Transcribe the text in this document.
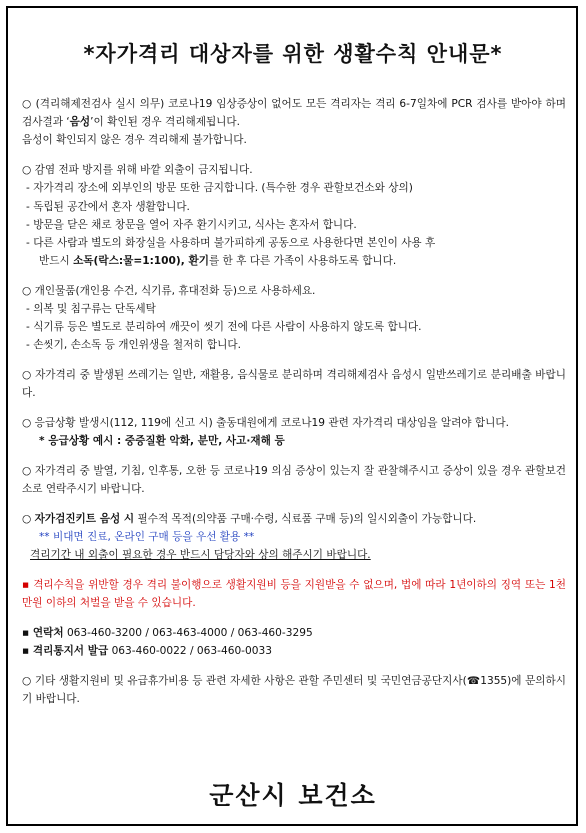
*자가격리 대상자를 위한 생활수칙 안내문*
○ (격리해제전검사 실시 의무) 코로나19 임상증상이 없어도 모든 격리자는 격리 6-7일차에 PCR 검사를 받아야 하며 검사결과 ‘음성’이 확인된 경우 격리해제됩니다.
음성이 확인되지 않은 경우 격리해제 불가합니다.
○ 감염 전파 방지를 위해 바깥 외출이 금지됩니다.
- 자가격리 장소에 외부인의 방문 또한 금지합니다. (특수한 경우 관할보건소와 상의)
- 독립된 공간에서 혼자 생활합니다.
- 방문을 닫은 채로 창문을 열어 자주 환기시키고, 식사는 혼자서 합니다.
- 다른 사람과 별도의 화장실을 사용하며 불가피하게 공동으로 사용한다면 본인이 사용 후
반드시 소독(락스:물=1:100), 환기를 한 후 다른 가족이 사용하도록 합니다.
○ 개인물품(개인용 수건, 식기류, 휴대전화 등)으로 사용하세요.
- 의복 및 침구류는 단독세탁
- 식기류 등은 별도로 분리하여 깨끗이 씻기 전에 다른 사람이 사용하지 않도록 합니다.
- 손씻기, 손소독 등 개인위생을 철저히 합니다.
○ 자가격리 중 발생된 쓰레기는 일반, 재활용, 음식물로 분리하며 격리해제검사 음성시 일반쓰레기로 분리배출 바랍니다.
○ 응급상황 발생시(112, 119에 신고 시) 출동대원에게 코로나19 관련 자가격리 대상임을 알려야 합니다.
* 응급상황 예시 : 중증질환 악화, 분만, 사고·재해 등
○ 자가격리 중 발열, 기침, 인후통, 오한 등 코로나19 의심 증상이 있는지 잘 관찰해주시고 증상이 있을 경우 관할보건소로 연락주시기 바랍니다.
○ 자가검진키트 음성 시 필수적 목적(의약품 구매·수령, 식료품 구매 등)의 일시외출이 가능합니다.
** 비대면 진료, 온라인 구매 등을 우선 활용 **
격리기간 내 외출이 필요한 경우 반드시 담당자와 상의 해주시기 바랍니다.
▪ 격리수칙을 위반할 경우 격리 불이행으로 생활지원비 등을 지원받을 수 없으며, 법에 따라 1년이하의 징역 또는 1천만원 이하의 처벌을 받을 수 있습니다.
▪ 연락처 063-460-3200 / 063-463-4000 / 063-460-3295
▪ 격리통지서 발급 063-460-0022 / 063-460-0033
○ 기타 생활지원비 및 유급휴가비용 등 관련 자세한 사항은 관할 주민센터 및 국민연금공단지사(☎1355)에 문의하시기 바랍니다.
군산시 보건소
